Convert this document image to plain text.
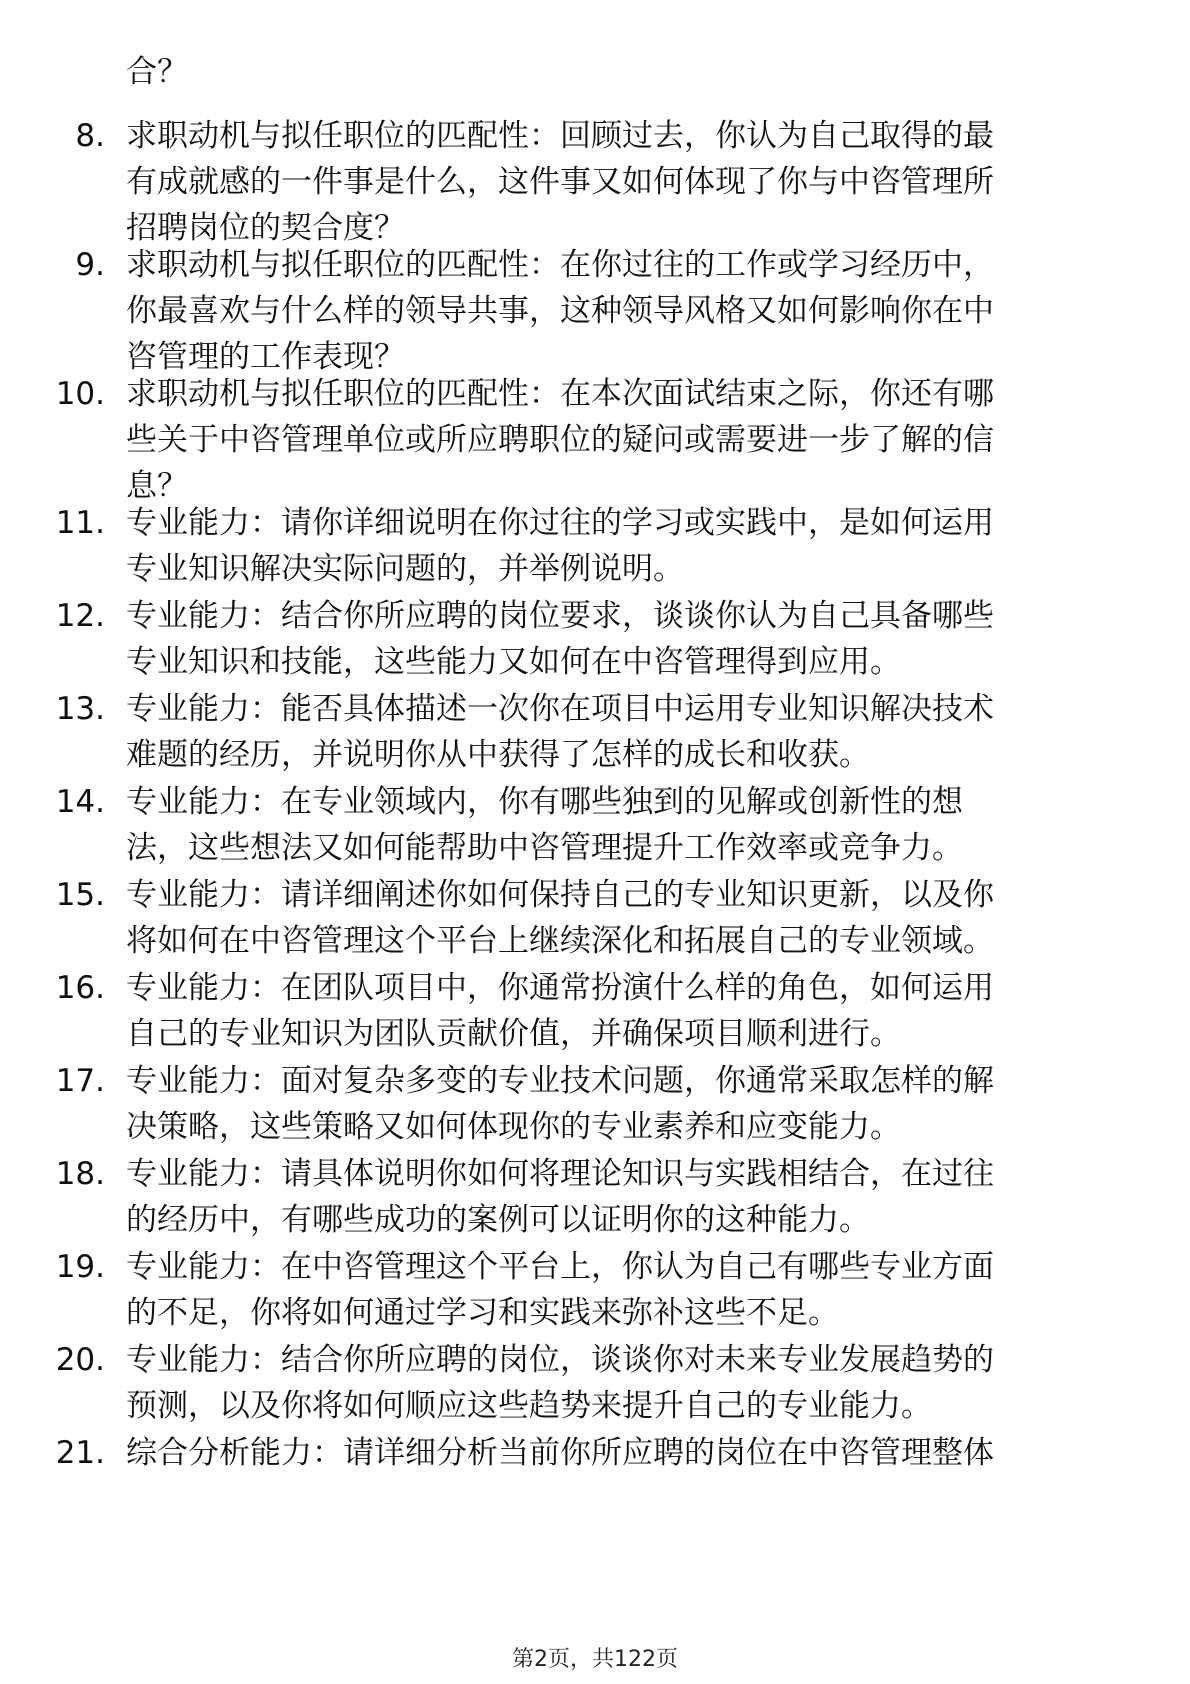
合？

8. 求职动机与拟任职位的匹配性：回顾过去，你认为自己取得的最
有成就感的一件事是什么，这件事又如何体现了你与中咨管理所
招聘岗位的契合度？

9. 求职动机与拟任职位的匹配性：在你过往的工作或学习经历中，
你最喜欢与什么样的领导共事，这种领导风格又如何影响你在中
咨管理的工作表现？

10. 求职动机与拟任职位的匹配性：在本次面试结束之际，你还有哪
些关于中咨管理单位或所应聘职位的疑问或需要进一步了解的信
息？

11. 专业能力：请你详细说明在你过往的学习或实践中，是如何运用
专业知识解决实际问题的，并举例说明。

12. 专业能力：结合你所应聘的岗位要求，谈谈你认为自己具备哪些
专业知识和技能，这些能力又如何在中咨管理得到应用。

13. 专业能力：能否具体描述一次你在项目中运用专业知识解决技术
难题的经历，并说明你从中获得了怎样的成长和收获。

14. 专业能力：在专业领域内，你有哪些独到的见解或创新性的想
法，这些想法又如何能帮助中咨管理提升工作效率或竞争力。

15. 专业能力：请详细阐述你如何保持自己的专业知识更新，以及你
将如何在中咨管理这个平台上继续深化和拓展自己的专业领域。

16. 专业能力：在团队项目中，你通常扮演什么样的角色，如何运用
自己的专业知识为团队贡献价值，并确保项目顺利进行。

17. 专业能力：面对复杂多变的专业技术问题，你通常采取怎样的解
决策略，这些策略又如何体现你的专业素养和应变能力。

18. 专业能力：请具体说明你如何将理论知识与实践相结合，在过往
的经历中，有哪些成功的案例可以证明你的这种能力。

19. 专业能力：在中咨管理这个平台上，你认为自己有哪些专业方面
的不足，你将如何通过学习和实践来弥补这些不足。

20. 专业能力：结合你所应聘的岗位，谈谈你对未来专业发展趋势的
预测，以及你将如何顺应这些趋势来提升自己的专业能力。

21. 综合分析能力：请详细分析当前你所应聘的岗位在中咨管理整体

第2页，共122页
